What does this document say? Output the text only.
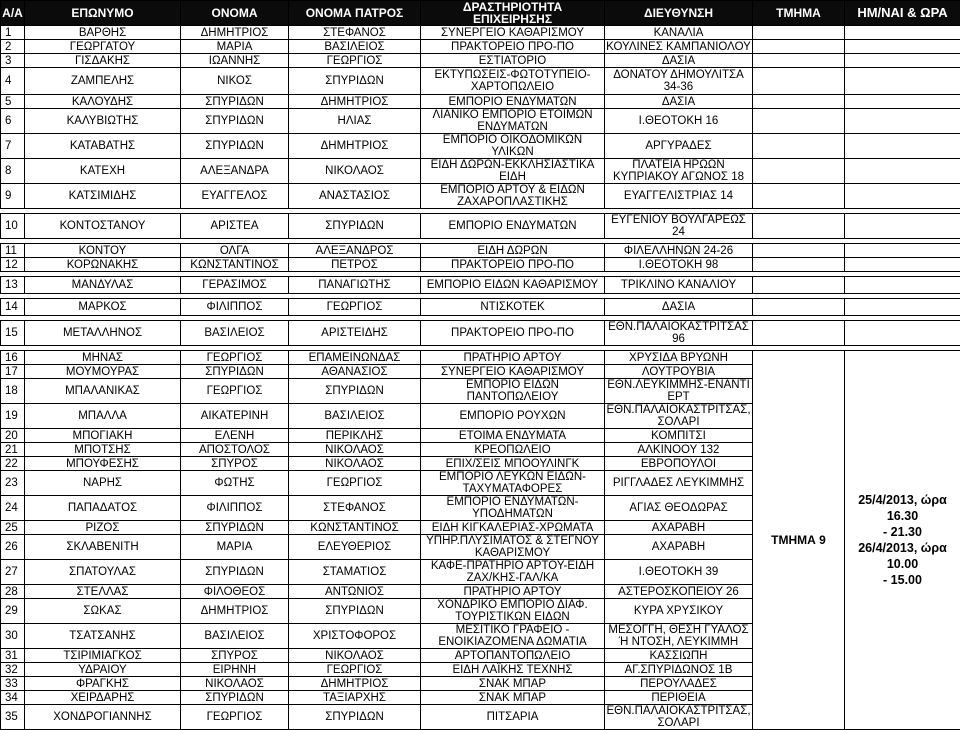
Α/Α	ΕΠΩΝΥΜΟ	ΟΝΟΜΑ	ΟΝΟΜΑ ΠΑΤΡΟΣ	ΔΡΑΣΤΗΡΙΟΤΗΤΑ
ΕΠΙΧΕΙΡΗΣΗΣ	ΔΙΕΥΘΥΝΣΗ	ΤΜΗΜΑ	ΗΜ/ΝΑΙ & ΩΡΑ
1	ΒΑΡΘΗΣ	ΔΗΜΗΤΡΙΟΣ	ΣΤΕΦΑΝΟΣ	ΣΥΝΕΡΓΕΙΟ ΚΑΘΑΡΙΣΜΟΥ	ΚΑΝΑΛΙΑ		
2	ΓΕΩΡΓΑΤΟΥ	ΜΑΡΙΑ	ΒΑΣΙΛΕΙΟΣ	ΠΡΑΚΤΟΡΕΙΟ ΠΡΟ-ΠΟ	ΚΟΥΛΙΝΕΣ ΚΑΜΠΑΝΙΟΛΟΥ		
3	ΓΙΣΔΑΚΗΣ	ΙΩΑΝΝΗΣ	ΓΕΩΡΓΙΟΣ	ΕΣΤΙΑΤΟΡΙΟ	ΔΑΣΙΑ		
4	ΖΑΜΠΕΛΗΣ	ΝΙΚΟΣ	ΣΠΥΡΙΔΩΝ	ΕΚΤΥΠΩΣΕΙΣ-ΦΩΤΟΤΥΠΕΙΟ-ΧΑΡΤΟΠΩΛΕΙΟ	ΔΟΝΑΤΟΥ ΔΗΜΟΥΛΙΤΣΑ 34-36		
5	ΚΑΛΟΥΔΗΣ	ΣΠΥΡΙΔΩΝ	ΔΗΜΗΤΡΙΟΣ	ΕΜΠΟΡΙΟ ΕΝΔΥΜΑΤΩΝ	ΔΑΣΙΑ		
6	ΚΑΛΥΒΙΩΤΗΣ	ΣΠΥΡΙΔΩΝ	ΗΛΙΑΣ	ΛΙΑΝΙΚΟ ΕΜΠΟΡΙΟ ΕΤΟΙΜΩΝ ΕΝΔΥΜΑΤΩΝ	Ι.ΘΕΟΤΟΚΗ 16		
7	ΚΑΤΑΒΑΤΗΣ	ΣΠΥΡΙΔΩΝ	ΔΗΜΗΤΡΙΟΣ	ΕΜΠΟΡΙΟ ΟΙΚΟΔΟΜΙΚΩΝ ΥΛΙΚΩΝ	ΑΡΓΥΡΑΔΕΣ		
8	ΚΑΤΕΧΗ	ΑΛΕΞΑΝΔΡΑ	ΝΙΚΟΛΑΟΣ	ΕΙΔΗ ΔΩΡΩΝ-ΕΚΚΛΗΣΙΑΣΤΙΚΑ ΕΙΔΗ	ΠΛΑΤΕΙΑ ΗΡΩΩΝ ΚΥΠΡΙΑΚΟΥ ΑΓΩΝΟΣ 18		
9	ΚΑΤΣΙΜΙΔΗΣ	ΕΥΑΓΓΕΛΟΣ	ΑΝΑΣΤΑΣΙΟΣ	ΕΜΠΟΡΙΟ ΑΡΤΟΥ & ΕΙΔΩΝ ΖΑΧΑΡΟΠΛΑΣΤΙΚΗΣ	ΕΥΑΓΓΕΛΙΣΤΡΙΑΣ 14		

10	ΚΟΝΤΟΣΤΑΝΟΥ	ΑΡΙΣΤΕΑ	ΣΠΥΡΙΔΩΝ	ΕΜΠΟΡΙΟ ΕΝΔΥΜΑΤΩΝ	ΕΥΓΕΝΙΟΥ ΒΟΥΛΓΑΡΕΩΣ 24		

11	ΚΟΝΤΟΥ	ΟΛΓΑ	ΑΛΕΞΑΝΔΡΟΣ	ΕΙΔΗ ΔΩΡΩΝ	ΦΙΛΕΛΛΗΝΩΝ 24-26		
12	ΚΟΡΩΝΑΚΗΣ	ΚΩΝΣΤΑΝΤΙΝΟΣ	ΠΕΤΡΟΣ	ΠΡΑΚΤΟΡΕΙΟ ΠΡΟ-ΠΟ	Ι.ΘΕΟΤΟΚΗ 98		

13	ΜΑΝΔΥΛΑΣ	ΓΕΡΑΣΙΜΟΣ	ΠΑΝΑΓΙΩΤΗΣ	ΕΜΠΟΡΙΟ ΕΙΔΩΝ ΚΑΘΑΡΙΣΜΟΥ	ΤΡΙΚΛΙΝΟ ΚΑΝΑΛΙΟΥ		

14	ΜΑΡΚΟΣ	ΦΙΛΙΠΠΟΣ	ΓΕΩΡΓΙΟΣ	ΝΤΙΣΚΟΤΕΚ	ΔΑΣΙΑ		

15	ΜΕΤΑΛΛΗΝΟΣ	ΒΑΣΙΛΕΙΟΣ	ΑΡΙΣΤΕΙΔΗΣ	ΠΡΑΚΤΟΡΕΙΟ ΠΡΟ-ΠΟ	ΕΘΝ.ΠΑΛΑΙΟΚΑΣΤΡΙΤΣΑΣ 96		

16	ΜΗΝΑΣ	ΓΕΩΡΓΙΟΣ	ΕΠΑΜΕΙΝΩΝΔΑΣ	ΠΡΑΤΗΡΙΟ ΑΡΤΟΥ	ΧΡΥΣΙΔΑ ΒΡΥΩΝΗ	ΤΜΗΜΑ 9	25/4/2013, ώρα 16.30
- 21.30
26/4/2013, ώρα 10.00
- 15.00

17	ΜΟΥΜΟΥΡΑΣ	ΣΠΥΡΙΔΩΝ	ΑΘΑΝΑΣΙΟΣ	ΣΥΝΕΡΓΕΙΟ ΚΑΘΑΡΙΣΜΟΥ	ΛΟΥΤΡΟΥΒΙΑ		
18	ΜΠΑΛΑΝΙΚΑΣ	ΓΕΩΡΓΙΟΣ	ΣΠΥΡΙΔΩΝ	ΕΜΠΟΡΙΟ ΕΙΔΩΝ ΠΑΝΤΟΠΩΛΕΙΟΥ	ΕΘΝ.ΛΕΥΚΙΜΜΗΣ-ΕΝΑΝΤΙ ΕΡΤ		
19	ΜΠΑΛΛΑ	ΑΙΚΑΤΕΡΙΝΗ	ΒΑΣΙΛΕΙΟΣ	ΕΜΠΟΡΙΟ ΡΟΥΧΩΝ	ΕΘΝ.ΠΑΛΑΙΟΚΑΣΤΡΙΤΣΑΣ, ΣΟΛΑΡΙ		
20	ΜΠΟΓΙΑΚΗ	ΕΛΕΝΗ	ΠΕΡΙΚΛΗΣ	ΕΤΟΙΜΑ ΕΝΔΥΜΑΤΑ	ΚΟΜΠΙΤΣΙ		
21	ΜΠΟΤΣΗΣ	ΑΠΟΣΤΟΛΟΣ	ΝΙΚΟΛΑΟΣ	ΚΡΕΟΠΩΛΕΙΟ	ΑΛΚΙΝΟΟΥ 132		
22	ΜΠΟΥΦΕΣΗΣ	ΣΠΥΡΟΣ	ΝΙΚΟΛΑΟΣ	ΕΠΙΧ/ΣΕΙΣ ΜΠΟΟΥΛΙΝΓΚ	ΕΒΡΟΠΟΥΛΟΙ		
23	ΝΑΡΗΣ	ΦΩΤΗΣ	ΓΕΩΡΓΙΟΣ	ΕΜΠΟΡΙΟ ΛΕΥΚΩΝ ΕΙΔΩΝ-ΤΑΧΥΜΑΤΑΦΟΡΕΣ	ΡΙΓΓΛΑΔΕΣ ΛΕΥΚΙΜΜΗΣ		
24	ΠΑΠΑΔΑΤΟΣ	ΦΙΛΙΠΠΟΣ	ΣΤΕΦΑΝΟΣ	ΕΜΠΟΡΙΟ ΕΝΔΥΜΑΤΩΝ-ΥΠΟΔΗΜΑΤΩΝ	ΑΓΙΑΣ ΘΕΟΔΩΡΑΣ		
25	ΡΙΖΟΣ	ΣΠΥΡΙΔΩΝ	ΚΩΝΣΤΑΝΤΙΝΟΣ	ΕΙΔΗ ΚΙΓΚΑΛΕΡΙΑΣ-ΧΡΩΜΑΤΑ	ΑΧΑΡΑΒΗ		
26	ΣΚΛΑΒΕΝΙΤΗ	ΜΑΡΙΑ	ΕΛΕΥΘΕΡΙΟΣ	ΥΠΗΡ.ΠΛΥΣΙΜΑΤΟΣ & ΣΤΕΓΝΟΥ ΚΑΘΑΡΙΣΜΟΥ	ΑΧΑΡΑΒΗ		
27	ΣΠΑΤΟΥΛΑΣ	ΣΠΥΡΙΔΩΝ	ΣΤΑΜΑΤΙΟΣ	ΚΑΦΕ-ΠΡΑΤΗΡΙΟ ΑΡΤΟΥ-ΕΙΔΗ ΖΑΧ/ΚΗΣ-ΓΑΛ/ΚΑ	Ι.ΘΕΟΤΟΚΗ 39		
28	ΣΤΕΛΛΑΣ	ΦΙΛΟΘΕΟΣ	ΑΝΤΩΝΙΟΣ	ΠΡΑΤΗΡΙΟ ΑΡΤΟΥ	ΑΣΤΕΡΟΣΚΟΠΕΙΟΥ 26		
29	ΣΩΚΑΣ	ΔΗΜΗΤΡΙΟΣ	ΣΠΥΡΙΔΩΝ	ΧΟΝΔΡΙΚΟ ΕΜΠΟΡΙΟ ΔΙΑΦ. ΤΟΥΡΙΣΤΙΚΩΝ ΕΙΔΩΝ	ΚΥΡΑ ΧΡΥΣΙΚΟΥ		
30	ΤΣΑΤΣΑΝΗΣ	ΒΑΣΙΛΕΙΟΣ	ΧΡΙΣΤΟΦΟΡΟΣ	ΜΕΣΙΤΙΚΟ ΓΡΑΦΕΙΟ - ΕΝΟΙΚΙΑΖΟΜΕΝΑ ΔΩΜΑΤΙΑ	ΜΕΣΟΓΓΗ, ΘΕΣΗ ΓΥΑΛΟΣ Ή ΝΤΟΣΗ, ΛΕΥΚΙΜΜΗ		
31	ΤΣΙΡΙΜΙΑΓΚΟΣ	ΣΠΥΡΟΣ	ΝΙΚΟΛΑΟΣ	ΑΡΤΟΠΑΝΤΟΠΩΛΕΙΟ	ΚΑΣΣΙΩΠΗ		
32	ΥΔΡΑΙΟΥ	ΕΙΡΗΝΗ	ΓΕΩΡΓΙΟΣ	ΕΙΔΗ ΛΑΪΚΗΣ ΤΕΧΝΗΣ	ΑΓ.ΣΠΥΡΙΔΩΝΟΣ 1Β		
33	ΦΡΑΓΚΗΣ	ΝΙΚΟΛΑΟΣ	ΔΗΜΗΤΡΙΟΣ	ΣΝΑΚ ΜΠΑΡ	ΠΕΡΟΥΛΑΔΕΣ		
34	ΧΕΙΡΔΑΡΗΣ	ΣΠΥΡΙΔΩΝ	ΤΑΞΙΑΡΧΗΣ	ΣΝΑΚ ΜΠΑΡ	ΠΕΡΙΘΕΙΑ		
35	ΧΟΝΔΡΟΓΙΑΝΝΗΣ	ΓΕΩΡΓΙΟΣ	ΣΠΥΡΙΔΩΝ	ΠΙΤΣΑΡΙΑ	ΕΘΝ.ΠΑΛΑΙΟΚΑΣΤΡΙΤΣΑΣ, ΣΟΛΑΡΙ		
